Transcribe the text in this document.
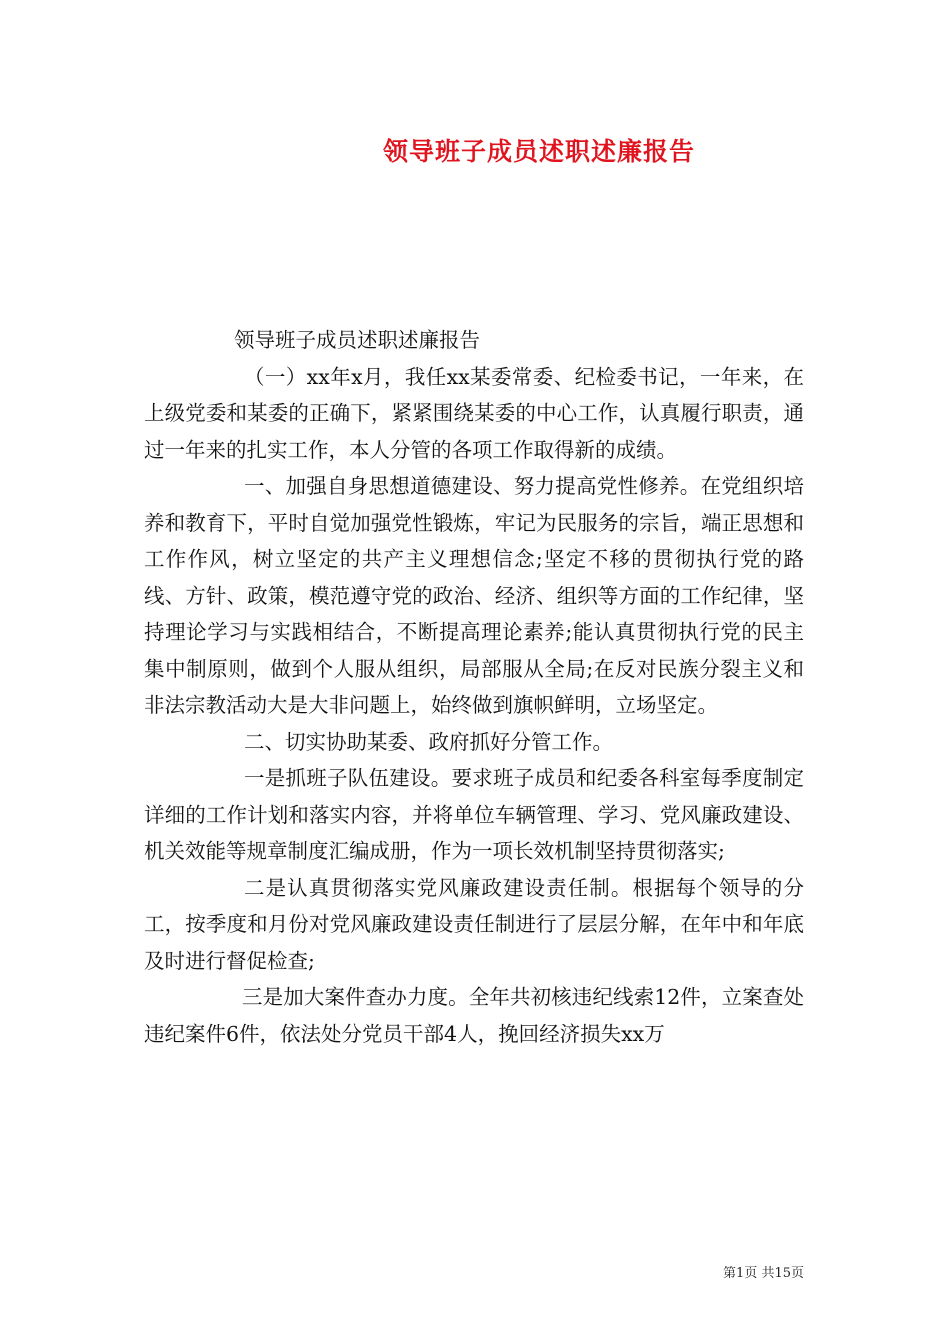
领导班子成员述职述廉报告

领导班子成员述职述廉报告

（一）xx年x月，我任xx某委常委、纪检委书记，一年来，在上级党委和某委的正确下，紧紧围绕某委的中心工作，认真履行职责，通过一年来的扎实工作，本人分管的各项工作取得新的成绩。

一、加强自身思想道德建设、努力提高党性修养。在党组织培养和教育下，平时自觉加强党性锻炼，牢记为民服务的宗旨，端正思想和工作作风，树立坚定的共产主义理想信念;坚定不移的贯彻执行党的路线、方针、政策，模范遵守党的政治、经济、组织等方面的工作纪律，坚持理论学习与实践相结合，不断提高理论素养;能认真贯彻执行党的民主集中制原则，做到个人服从组织，局部服从全局;在反对民族分裂主义和非法宗教活动大是大非问题上，始终做到旗帜鲜明，立场坚定。

二、切实协助某委、政府抓好分管工作。

一是抓班子队伍建设。要求班子成员和纪委各科室每季度制定详细的工作计划和落实内容，并将单位车辆管理、学习、党风廉政建设、机关效能等规章制度汇编成册，作为一项长效机制坚持贯彻落实;

二是认真贯彻落实党风廉政建设责任制。根据每个领导的分工，按季度和月份对党风廉政建设责任制进行了层层分解，在年中和年底及时进行督促检查;

三是加大案件查办力度。全年共初核违纪线索12件，立案查处违纪案件6件，依法处分党员干部4人，挽回经济损失xx万

第1页 共15页
